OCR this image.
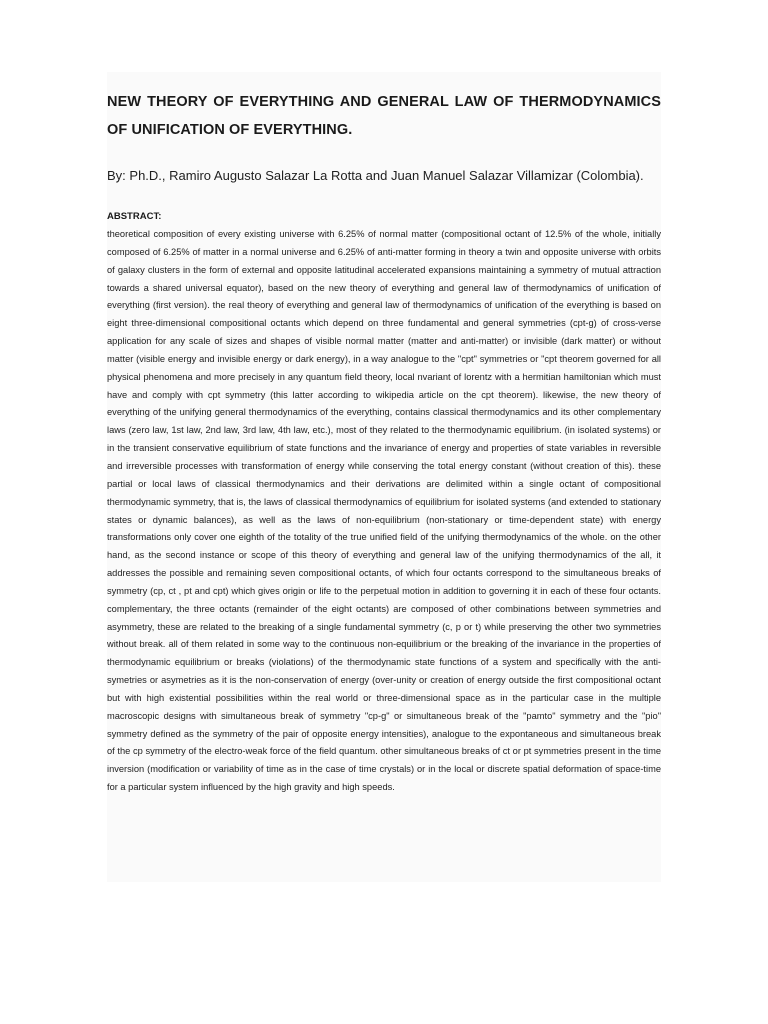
NEW THEORY OF EVERYTHING AND GENERAL LAW OF THERMODYNAMICS OF UNIFICATION OF EVERYTHING.

By: Ph.D., Ramiro Augusto Salazar La Rotta and Juan Manuel Salazar Villamizar (Colombia).

ABSTRACT:

theoretical composition of every existing universe with 6.25% of normal matter (compositional octant of 12.5% of the whole, initially composed of 6.25% of matter in a normal universe and 6.25% of anti-matter forming in theory a twin and opposite universe with orbits of galaxy clusters in the form of external and opposite latitudinal accelerated expansions maintaining a symmetry of mutual attraction towards a shared universal equator), based on the new theory of everything and general law of thermodynamics of unification of everything (first version). the real theory of everything and general law of thermodynamics of unification of the everything is based on eight three-dimensional compositional octants which depend on three fundamental and general symmetries (cpt-g) of cross-verse application for any scale of sizes and shapes of visible normal matter (matter and anti-matter) or invisible (dark matter) or without matter (visible energy and invisible energy or dark energy), in a way analogue to the "cpt" symmetries or "cpt theorem governed for all physical phenomena and more precisely in any quantum field theory, local nvariant of lorentz with a hermitian hamiltonian which must have and comply with cpt symmetry (this latter according to wikipedia article on the cpt theorem). likewise, the new theory of everything of the unifying general thermodynamics of the everything, contains classical thermodynamics and its other complementary laws (zero law, 1st law, 2nd law, 3rd law, 4th law, etc.), most of they related to the thermodynamic equilibrium. (in isolated systems) or in the transient conservative equilibrium of state functions and the invariance of energy and properties of state variables in reversible and irreversible processes with transformation of energy while conserving the total energy constant (without creation of this). these partial or local laws of classical thermodynamics and their derivations are delimited within a single octant of compositional thermodynamic symmetry, that is, the laws of classical thermodynamics of equilibrium for isolated systems (and extended to stationary states or dynamic balances), as well as the laws of non-equilibrium (non-stationary or time-dependent state) with energy transformations only cover one eighth of the totality of the true unified field of the unifying thermodynamics of the whole. on the other hand, as the second instance or scope of this theory of everything and general law of the unifying thermodynamics of the all, it addresses the possible and remaining seven compositional octants, of which four octants correspond to the simultaneous breaks of symmetry (cp, ct , pt and cpt) which gives origin or life to the perpetual motion in addition to governing it in each of these four octants. complementary, the three octants (remainder of the eight octants) are composed of other combinations between symmetries and asymmetry, these are related to the breaking of a single fundamental symmetry (c, p or t) while preserving the other two symmetries without break. all of them related in some way to the continuous non-equilibrium or the breaking of the invariance in the properties of thermodynamic equilibrium or breaks (violations) of the thermodynamic state functions of a system and specifically with the anti-symetries or asymetries as it is the non-conservation of energy (over-unity or creation of energy outside the first compositional octant but with high existential possibilities within the real world or three-dimensional space as in the particular case in the multiple macroscopic designs with simultaneous break of symmetry "cp-g" or simultaneous break of the "pamto" symmetry and the "pio" symmetry defined as the symmetry of the pair of opposite energy intensities), analogue to the expontaneous and simultaneous break of the cp symmetry of the electro-weak force of the field quantum. other simultaneous breaks of ct or pt symmetries present in the time inversion (modification or variability of time as in the case of time crystals) or in the local or discrete spatial deformation of space-time for a particular system influenced by the high gravity and high speeds.
